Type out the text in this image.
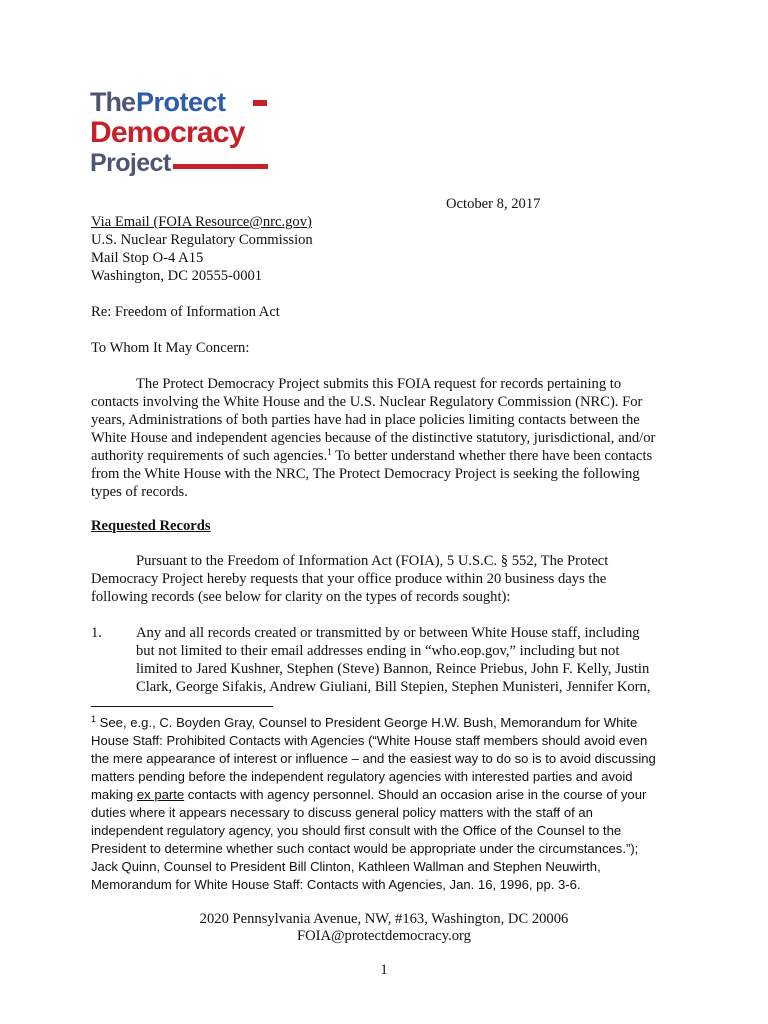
TheProtect
Democracy
Project
October 8, 2017
Via Email (FOIA Resource@nrc.gov)
U.S. Nuclear Regulatory Commission
Mail Stop O-4 A15
Washington, DC 20555-0001
Re: Freedom of Information Act
To Whom It May Concern:
The Protect Democracy Project submits this FOIA request for records pertaining to
contacts involving the White House and the U.S. Nuclear Regulatory Commission (NRC). For
years, Administrations of both parties have had in place policies limiting contacts between the
White House and independent agencies because of the distinctive statutory, jurisdictional, and/or
authority requirements of such agencies.$^1$ To better understand whether there have been contacts
from the White House with the NRC, The Protect Democracy Project is seeking the following
types of records.
Requested Records
Pursuant to the Freedom of Information Act (FOIA), 5 U.S.C. § 552, The Protect
Democracy Project hereby requests that your office produce within 20 business days the
following records (see below for clarity on the types of records sought):
1. Any and all records created or transmitted by or between White House staff, including
but not limited to their email addresses ending in “who.eop.gov,” including but not
limited to Jared Kushner, Stephen (Steve) Bannon, Reince Priebus, John F. Kelly, Justin
Clark, George Sifakis, Andrew Giuliani, Bill Stepien, Stephen Munisteri, Jennifer Korn,
$^1$ See, e.g., C. Boyden Gray, Counsel to President George H.W. Bush, Memorandum for White
House Staff: Prohibited Contacts with Agencies (“White House staff members should avoid even
the mere appearance of interest or influence – and the easiest way to do so is to avoid discussing
matters pending before the independent regulatory agencies with interested parties and avoid
making ex parte contacts with agency personnel. Should an occasion arise in the course of your
duties where it appears necessary to discuss general policy matters with the staff of an
independent regulatory agency, you should first consult with the Office of the Counsel to the
President to determine whether such contact would be appropriate under the circumstances.”);
Jack Quinn, Counsel to President Bill Clinton, Kathleen Wallman and Stephen Neuwirth,
Memorandum for White House Staff: Contacts with Agencies, Jan. 16, 1996, pp. 3-6.
2020 Pennsylvania Avenue, NW, #163, Washington, DC 20006
FOIA@protectdemocracy.org
1
